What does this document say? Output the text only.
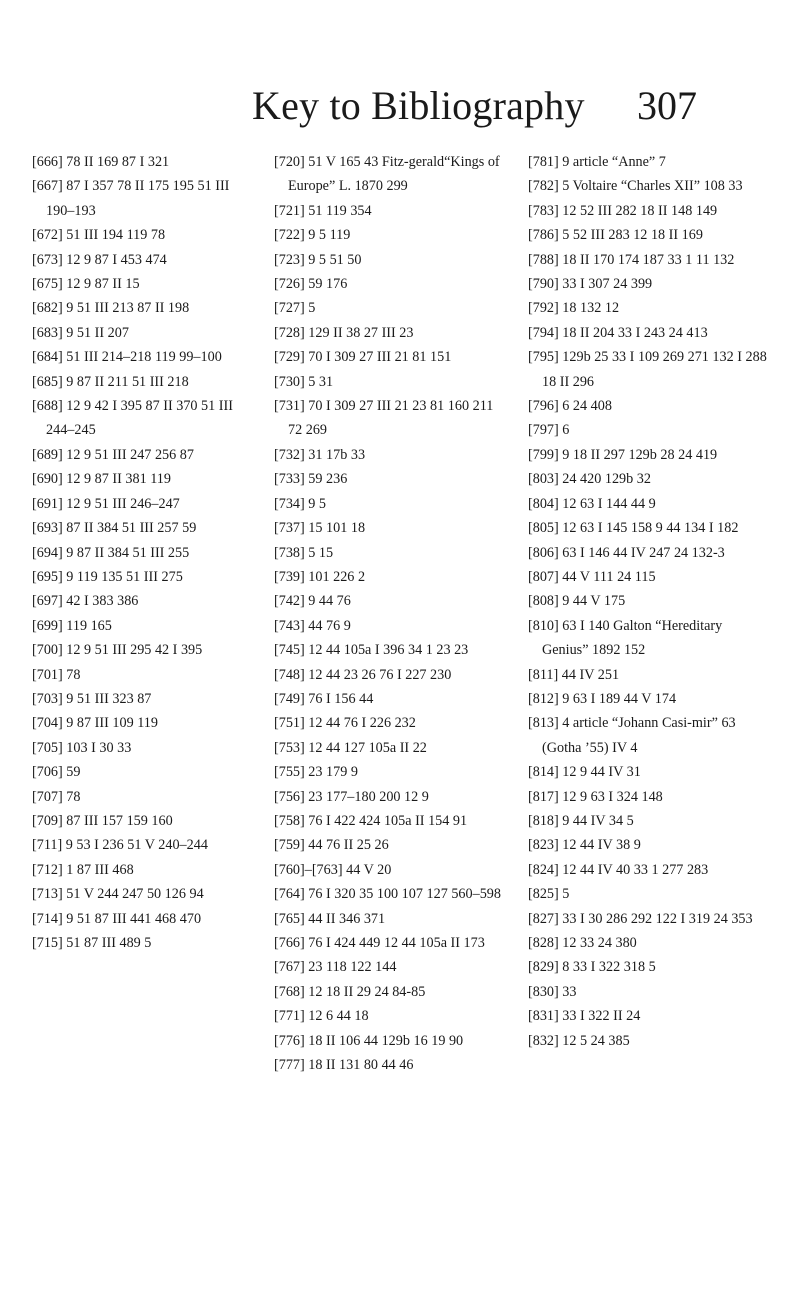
Key to Bibliography 307

[666] 78 II 169 87 I 321

[667] 87 I 357 78 II 175 195 51 III 190–193

[672] 51 III 194 119 78

[673] 12 9 87 I 453 474

[675] 12 9 87 II 15

[682] 9 51 III 213 87 II 198

[683] 9 51 II 207

[684] 51 III 214–218 119 99–100

[685] 9 87 II 211 51 III 218

[688] 12 9 42 I 395 87 II 370 51 III 244–245

[689] 12 9 51 III 247 256 87

[690] 12 9 87 II 381 119

[691] 12 9 51 III 246–247

[693] 87 II 384 51 III 257 59

[694] 9 87 II 384 51 III 255

[695] 9 119 135 51 III 275

[697] 42 I 383 386

[699] 119 165

[700] 12 9 51 III 295 42 I 395

[701] 78

[703] 9 51 III 323 87

[704] 9 87 III 109 119

[705] 103 I 30 33

[706] 59

[707] 78

[709] 87 III 157 159 160

[711] 9 53 I 236 51 V 240–244

[712] 1 87 III 468

[713] 51 V 244 247 50 126 94

[714] 9 51 87 III 441 468 470

[715] 51 87 III 489 5

[720] 51 V 165 43 Fitz-gerald“Kings of Europe” L. 1870 299

[721] 51 119 354

[722] 9 5 119

[723] 9 5 51 50

[726] 59 176

[727] 5

[728] 129 II 38 27 III 23

[729] 70 I 309 27 III 21 81 151

[730] 5 31

[731] 70 I 309 27 III 21 23 81 160 211 72 269

[732] 31 17b 33

[733] 59 236

[734] 9 5

[737] 15 101 18

[738] 5 15

[739] 101 226 2

[742] 9 44 76

[743] 44 76 9

[745] 12 44 105a I 396 34 1 23 23

[748] 12 44 23 26 76 I 227 230

[749] 76 I 156 44

[751] 12 44 76 I 226 232

[753] 12 44 127 105a II 22

[755] 23 179 9

[756] 23 177–180 200 12 9

[758] 76 I 422 424 105a II 154 91

[759] 44 76 II 25 26

[760]–[763] 44 V 20

[764] 76 I 320 35 100 107 127 560–598

[765] 44 II 346 371

[766] 76 I 424 449 12 44 105a II 173

[767] 23 118 122 144

[768] 12 18 II 29 24 84-85

[771] 12 6 44 18

[776] 18 II 106 44 129b 16 19 90

[777] 18 II 131 80 44 46

[781] 9 article “Anne” 7

[782] 5 Voltaire “Charles XII” 108 33

[783] 12 52 III 282 18 II 148 149

[786] 5 52 III 283 12 18 II 169

[788] 18 II 170 174 187 33 1 11 132

[790] 33 I 307 24 399

[792] 18 132 12

[794] 18 II 204 33 I 243 24 413

[795] 129b 25 33 I 109 269 271 132 I 288 18 II 296

[796] 6 24 408

[797] 6

[799] 9 18 II 297 129b 28 24 419

[803] 24 420 129b 32

[804] 12 63 I 144 44 9

[805] 12 63 I 145 158 9 44 134 I 182

[806] 63 I 146 44 IV 247 24 132-3

[807] 44 V 111 24 115

[808] 9 44 V 175

[810] 63 I 140 Galton “Hereditary Genius” 1892 152

[811] 44 IV 251

[812] 9 63 I 189 44 V 174

[813] 4 article “Johann Casi-mir” 63 (Gotha ’55) IV 4

[814] 12 9 44 IV 31

[817] 12 9 63 I 324 148

[818] 9 44 IV 34 5

[823] 12 44 IV 38 9

[824] 12 44 IV 40 33 1 277 283

[825] 5

[827] 33 I 30 286 292 122 I 319 24 353

[828] 12 33 24 380

[829] 8 33 I 322 318 5

[830] 33

[831] 33 I 322 II 24

[832] 12 5 24 385
